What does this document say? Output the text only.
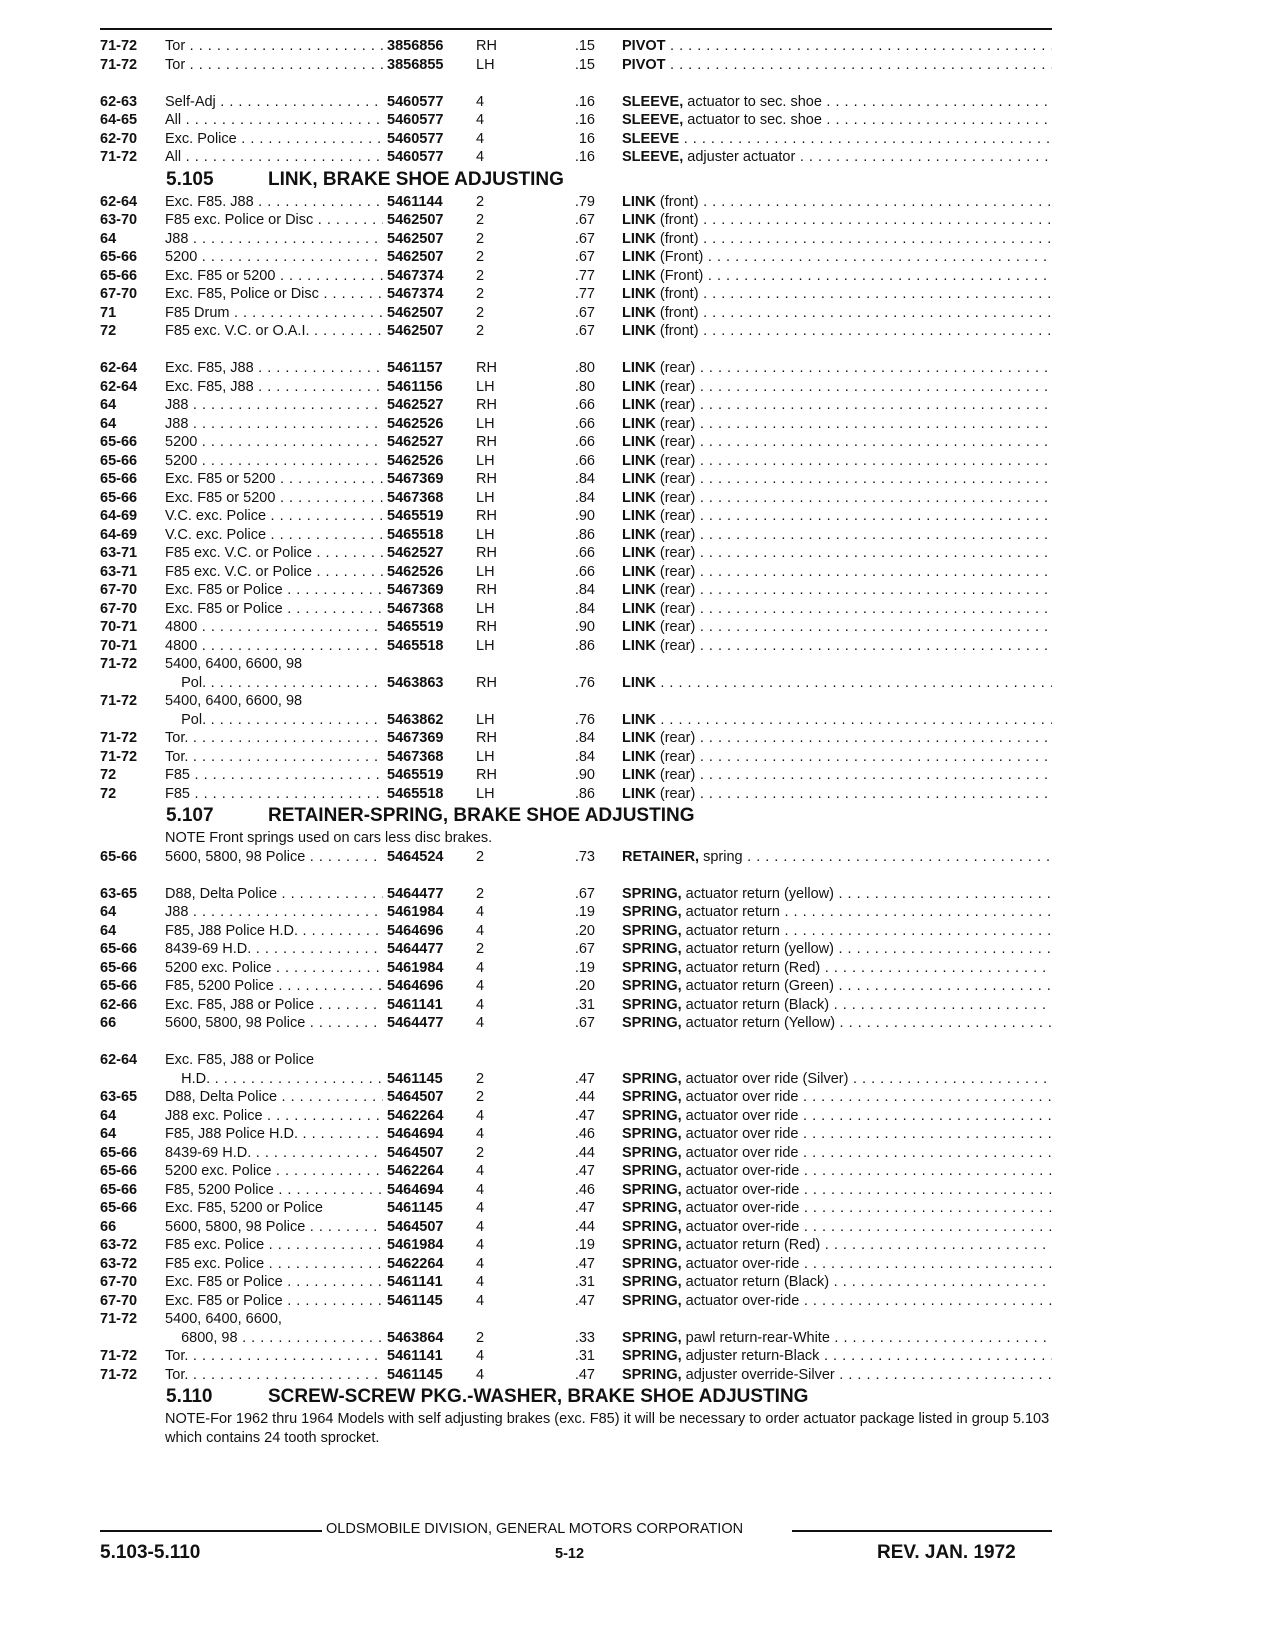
71-72 Tor . . .	3856856 RH	.15 PIVOT . . .
71-72 Tor . . .	3856855 LH	.15 PIVOT . . .
62-63 Self-Adj . . .	5460577 4	.16 SLEEVE, actuator to sec. shoe . . .
64-65 All . . .	5460577 4	.16 SLEEVE, actuator to sec. shoe . . .
62-70 Exc. Police . . .	5460577 4	16 SLEEVE . . .
71-72 All . . .	5460577 4	.16 SLEEVE, adjuster actuator . . .
5.105	LINK, BRAKE SHOE ADJUSTING
62-64 Exc. F85. J88 . . .	5461144 2	.79 LINK (front) . . .
63-70 F85 exc. Police or Disc . . .	5462507 2	.67 LINK (front) . . .
64	J88 . . .	5462507 2	.67 LINK (front) . . .
65-66 5200 . . .	5462507 2	.67 LINK (Front) . . .
65-66 Exc. F85 or 5200 . . .	5467374 2	.77 LINK (Front) . . .
67-70 Exc. F85, Police or Disc . . .	5467374 2	.77 LINK (front) . . .
71	F85 Drum . . .	5462507 2	.67 LINK (front) . . .
72	F85 exc. V.C. or O.A.I. . . .	5462507 2	.67 LINK (front) . . .
62-64 Exc. F85, J88 . . .	5461157 RH	.80 LINK (rear) . . .
62-64 Exc. F85, J88 . . .	5461156 LH	.80 LINK (rear) . . .
64	J88 . . .	5462527 RH	.66 LINK (rear) . . .
64	J88 . . .	5462526 LH	.66 LINK (rear) . . .
65-66 5200 . . .	5462527 RH	.66 LINK (rear) . . .
65-66 5200 . . .	5462526 LH	.66 LINK (rear) . . .
65-66 Exc. F85 or 5200 . . .	5467369 RH	.84 LINK (rear) . . .
65-66 Exc. F85 or 5200 . . .	5467368 LH	.84 LINK (rear) . . .
64-69 V.C. exc. Police . . .	5465519 RH	.90 LINK (rear) . . .
64-69 V.C. exc. Police . . .	5465518 LH	.86 LINK (rear) . . .
63-71 F85 exc. V.C. or Police . . .	5462527 RH	.66 LINK (rear) . . .
63-71 F85 exc. V.C. or Police . . .	5462526 LH	.66 LINK (rear) . . .
67-70 Exc. F85 or Police . . .	5467369 RH	.84 LINK (rear) . . .
67-70 Exc. F85 or Police . . .	5467368 LH	.84 LINK (rear) . . .
70-71 4800 . . .	5465519 RH	.90 LINK (rear) . . .
70-71 4800 . . .	5465518 LH	.86 LINK (rear) . . .
71-72 5400, 6400, 6600, 98
Pol. . . .	5463863 RH	.76 LINK . . .
71-72 5400, 6400, 6600, 98
Pol. . . .	5463862 LH	.76 LINK . . .
71-72 Tor. . . .	5467369 RH	.84 LINK (rear) . . .
71-72 Tor. . . .	5467368 LH	.84 LINK (rear) . . .
72	F85 . . .	5465519 RH	.90 LINK (rear) . . .
72	F85 . . .	5465518 LH	.86 LINK (rear) . . .
5.107	RETAINER-SPRING, BRAKE SHOE ADJUSTING
NOTE Front springs used on cars less disc brakes.
65-66 5600, 5800, 98 Police . . .	5464524 2	.73 RETAINER, spring . . .
63-65 D88, Delta Police . . .	5464477 2	.67 SPRING, actuator return (yellow) . . .
64	J88 . . .	5461984 4	.19 SPRING, actuator return . . .
64	F85, J88 Police H.D. . . .	5464696 4	.20 SPRING, actuator return . . .
65-66 8439-69 H.D. . . .	5464477 2	.67 SPRING, actuator return (yellow) . . .
65-66 5200 exc. Police . . .	5461984 4	.19 SPRING, actuator return (Red) . . .
65-66 F85, 5200 Police . . .	5464696 4	.20 SPRING, actuator return (Green) . . .
62-66 Exc. F85, J88 or Police . . .	5461141 4	.31 SPRING, actuator return (Black) . . .
66	5600, 5800, 98 Police . . .	5464477 4	.67 SPRING, actuator return (Yellow) . . .
62-64 Exc. F85, J88 or Police
H.D. . . .	5461145 2	.47 SPRING, actuator over ride (Silver) . . .
63-65 D88, Delta Police . . .	5464507 2	.44 SPRING, actuator over ride . . .
64	J88 exc. Police . . .	5462264 4	.47 SPRING, actuator over ride . . .
64	F85, J88 Police H.D. . . .	5464694 4	.46 SPRING, actuator over ride . . .
65-66 8439-69 H.D. . . .	5464507 2	.44 SPRING, actuator over ride . . .
65-66 5200 exc. Police . . .	5462264 4	.47 SPRING, actuator over-ride . . .
65-66 F85, 5200 Police . . .	5464694 4	.46 SPRING, actuator over-ride . . .
65-66 Exc. F85, 5200 or Police	5461145 4	.47 SPRING, actuator over-ride . . .
66	5600, 5800, 98 Police . . .	5464507 4	.44 SPRING, actuator over-ride . . .
63-72 F85 exc. Police . . .	5461984 4	.19 SPRING, actuator return (Red) . . .
63-72 F85 exc. Police . . .	5462264 4	.47 SPRING, actuator over-ride . . .
67-70 Exc. F85 or Police . . .	5461141 4	.31 SPRING, actuator return (Black) . . .
67-70 Exc. F85 or Police . . .	5461145 4	.47 SPRING, actuator over-ride . . .
71-72 5400, 6400, 6600,
6800, 98 . . .	5463864 2	.33 SPRING, pawl return-rear-White . . .
71-72 Tor. . . .	5461141 4	.31 SPRING, adjuster return-Black . . .
71-72 Tor. . . .	5461145 4	.47 SPRING, adjuster override-Silver . . .
5.110	SCREW-SCREW PKG.-WASHER, BRAKE SHOE ADJUSTING
NOTE-For 1962 thru 1964 Models with self adjusting brakes (exc. F85) it will be necessary to order actuator package listed in group 5.103 which contains 24 tooth sprocket.
OLDSMOBILE DIVISION, GENERAL MOTORS CORPORATION
5.103-5.110	5-12	REV. JAN. 1972
